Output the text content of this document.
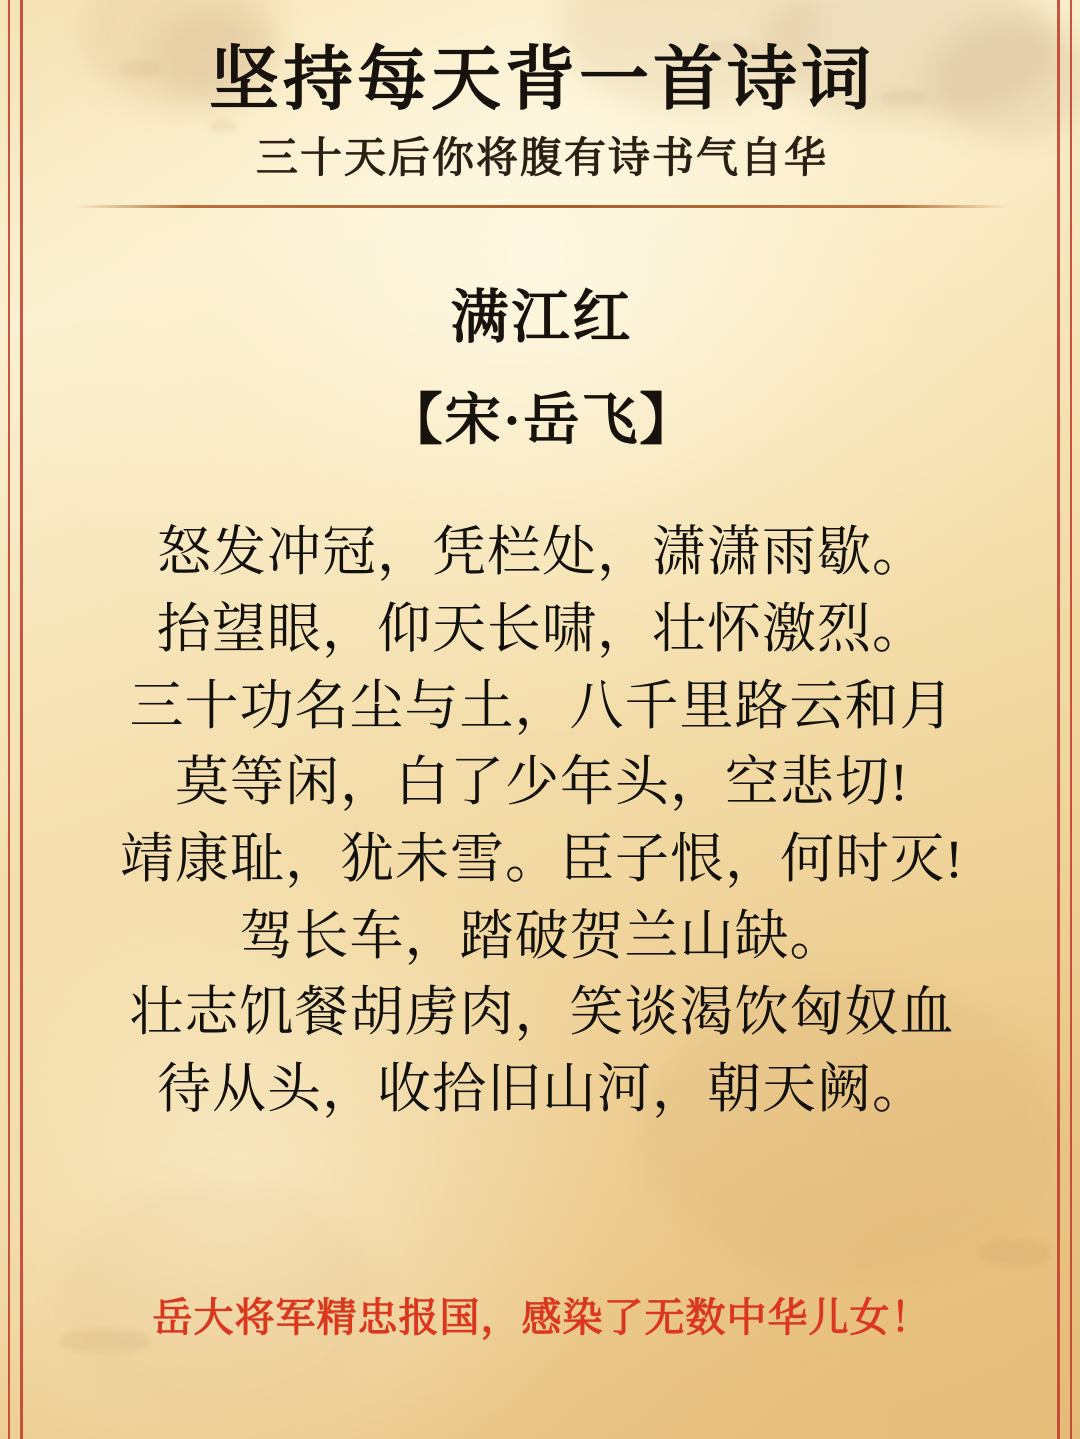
坚持每天背一首诗词
三十天后你将腹有诗书气自华
满江红
【宋·岳飞】
怒发冲冠，凭栏处，潇潇雨歇。
抬望眼，仰天长啸，壮怀激烈。
三十功名尘与土，八千里路云和月
莫等闲，白了少年头，空悲切!
靖康耻，犹未雪。臣子恨，何时灭!
驾长车，踏破贺兰山缺。
壮志饥餐胡虏肉，笑谈渴饮匈奴血
待从头，收拾旧山河，朝天阙。
岳大将军精忠报国，感染了无数中华儿女！
